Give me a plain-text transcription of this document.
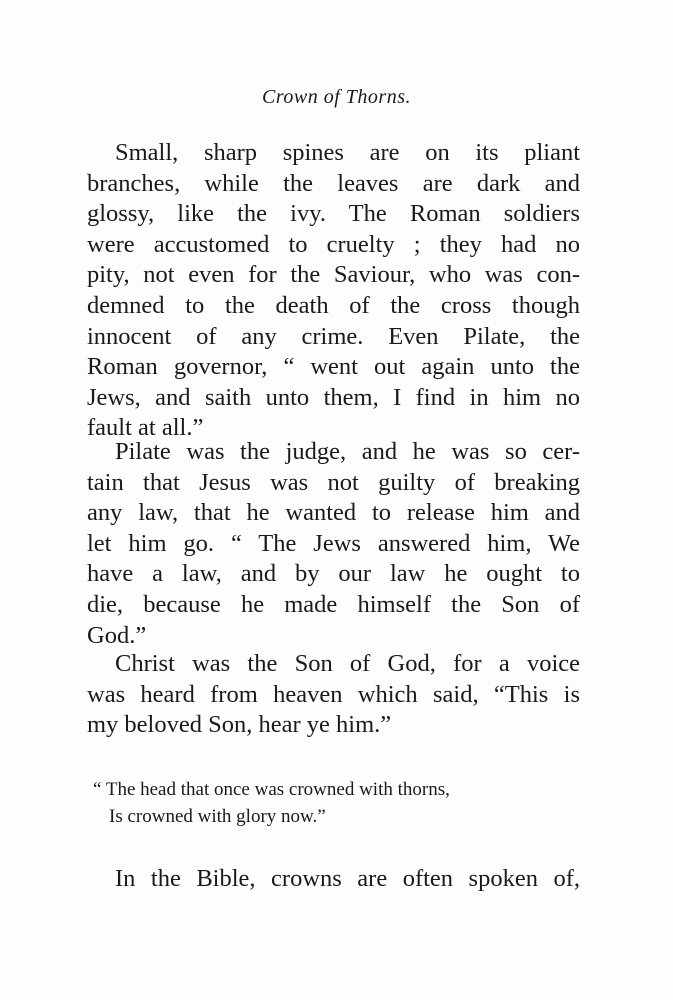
Crown of Thorns.
Small, sharp spines are on its pliant
branches, while the leaves are dark and
glossy, like the ivy. The Roman soldiers
were accustomed to cruelty ; they had no
pity, not even for the Saviour, who was con-
demned to the death of the cross though
innocent of any crime. Even Pilate, the
Roman governor, “ went out again unto the
Jews, and saith unto them, I find in him no
fault at all.”
Pilate was the judge, and he was so cer-
tain that Jesus was not guilty of breaking
any law, that he wanted to release him and
let him go. “ The Jews answered him, We
have a law, and by our law he ought to
die, because he made himself the Son of
God.”
Christ was the Son of God, for a voice
was heard from heaven which said, “This is
my beloved Son, hear ye him.”
“ The head that once was crowned with thorns,
Is crowned with glory now.”
In the Bible, crowns are often spoken of,
